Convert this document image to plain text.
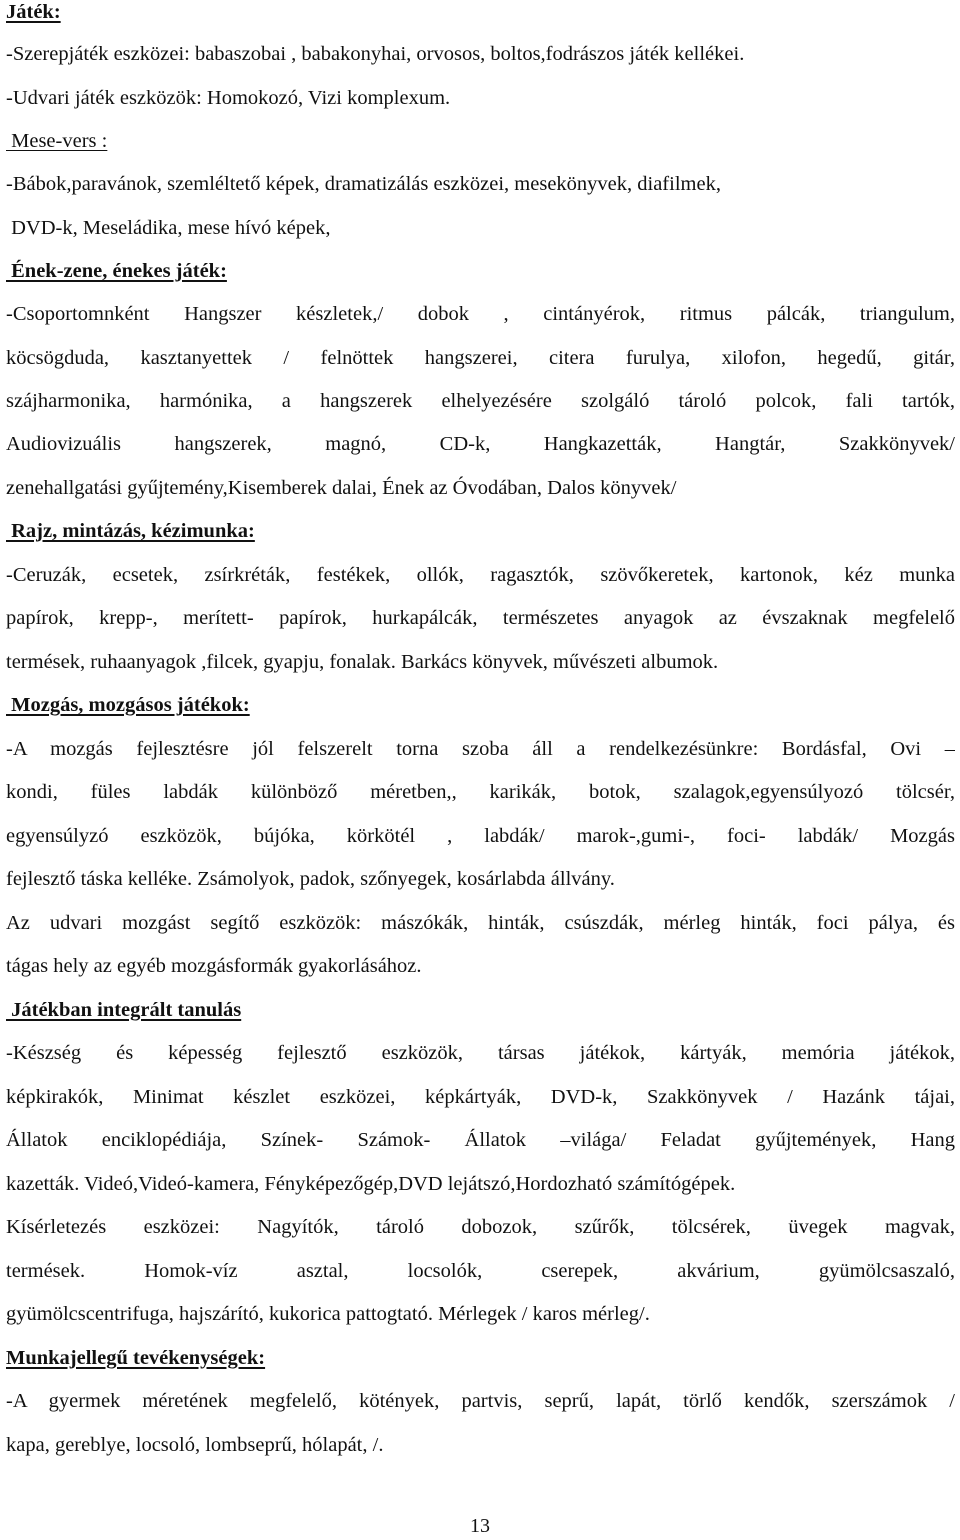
Játék:
-Szerepjáték eszközei: babaszobai , babakonyhai, orvosos, boltos,fodrászos játék kellékei.
-Udvari játék eszközök: Homokozó, Vizi komplexum.
Mese-vers :
-Bábok,paravánok, szemléltető képek, dramatizálás eszközei, mesekönyvek, diafilmek,
DVD-k, Meseládika, mese hívó képek,
Ének-zene, énekes játék:
-Csoportomnként Hangszer készletek,/ dobok , cintányérok, ritmus pálcák, triangulum,
köcsögduda, kasztanyettek / felnöttek hangszerei, citera furulya, xilofon, hegedű, gitár,
szájharmonika, harmónika, a hangszerek elhelyezésére szolgáló tároló polcok, fali tartók,
Audiovizuális hangszerek, magnó, CD-k, Hangkazetták, Hangtár, Szakkönyvek/
zenehallgatási gyűjtemény,Kisemberek dalai, Ének az Óvodában, Dalos könyvek/
Rajz, mintázás, kézimunka:
-Ceruzák, ecsetek, zsírkréták, festékek, ollók, ragasztók, szövőkeretek, kartonok, kéz munka
papírok, krepp-, merített- papírok, hurkapálcák, természetes anyagok az évszaknak megfelelő
termések, ruhaanyagok ,filcek, gyapju, fonalak. Barkács könyvek, művészeti albumok.
Mozgás, mozgásos játékok:
-A mozgás fejlesztésre jól felszerelt torna szoba áll a rendelkezésünkre: Bordásfal, Ovi –
kondi, füles labdák különböző méretben,, karikák, botok, szalagok,egyensúlyozó tölcsér,
egyensúlyzó eszközök, bújóka, körkötél , labdák/ marok-,gumi-, foci- labdák/ Mozgás
fejlesztő táska kelléke. Zsámolyok, padok, szőnyegek, kosárlabda állvány.
Az udvari mozgást segítő eszközök: mászókák, hinták, csúszdák, mérleg hinták, foci pálya, és
tágas hely az egyéb mozgásformák gyakorlásához.
Játékban integrált tanulás
-Készség és képesség fejlesztő eszközök, társas játékok, kártyák, memória játékok,
képkirakók, Minimat készlet eszközei, képkártyák, DVD-k, Szakkönyvek / Hazánk tájai,
Állatok enciklopédiája, Színek- Számok- Állatok –világa/ Feladat gyűjtemények, Hang
kazetták. Videó,Videó-kamera, Fényképezőgép,DVD lejátszó,Hordozható számítógépek.
Kísérletezés eszközei: Nagyítók, tároló dobozok, szűrők, tölcsérek, üvegek magvak,
termések. Homok-víz asztal, locsolók, cserepek, akvárium, gyümölcsaszaló,
gyümölcscentrifuga, hajszárító, kukorica pattogtató. Mérlegek / karos mérleg/.
Munkajellegű tevékenységek:
-A gyermek méretének megfelelő, kötények, partvis, seprű, lapát, törlő kendők, szerszámok /
kapa, gereblye, locsoló, lombseprű, hólapát, /.
13
